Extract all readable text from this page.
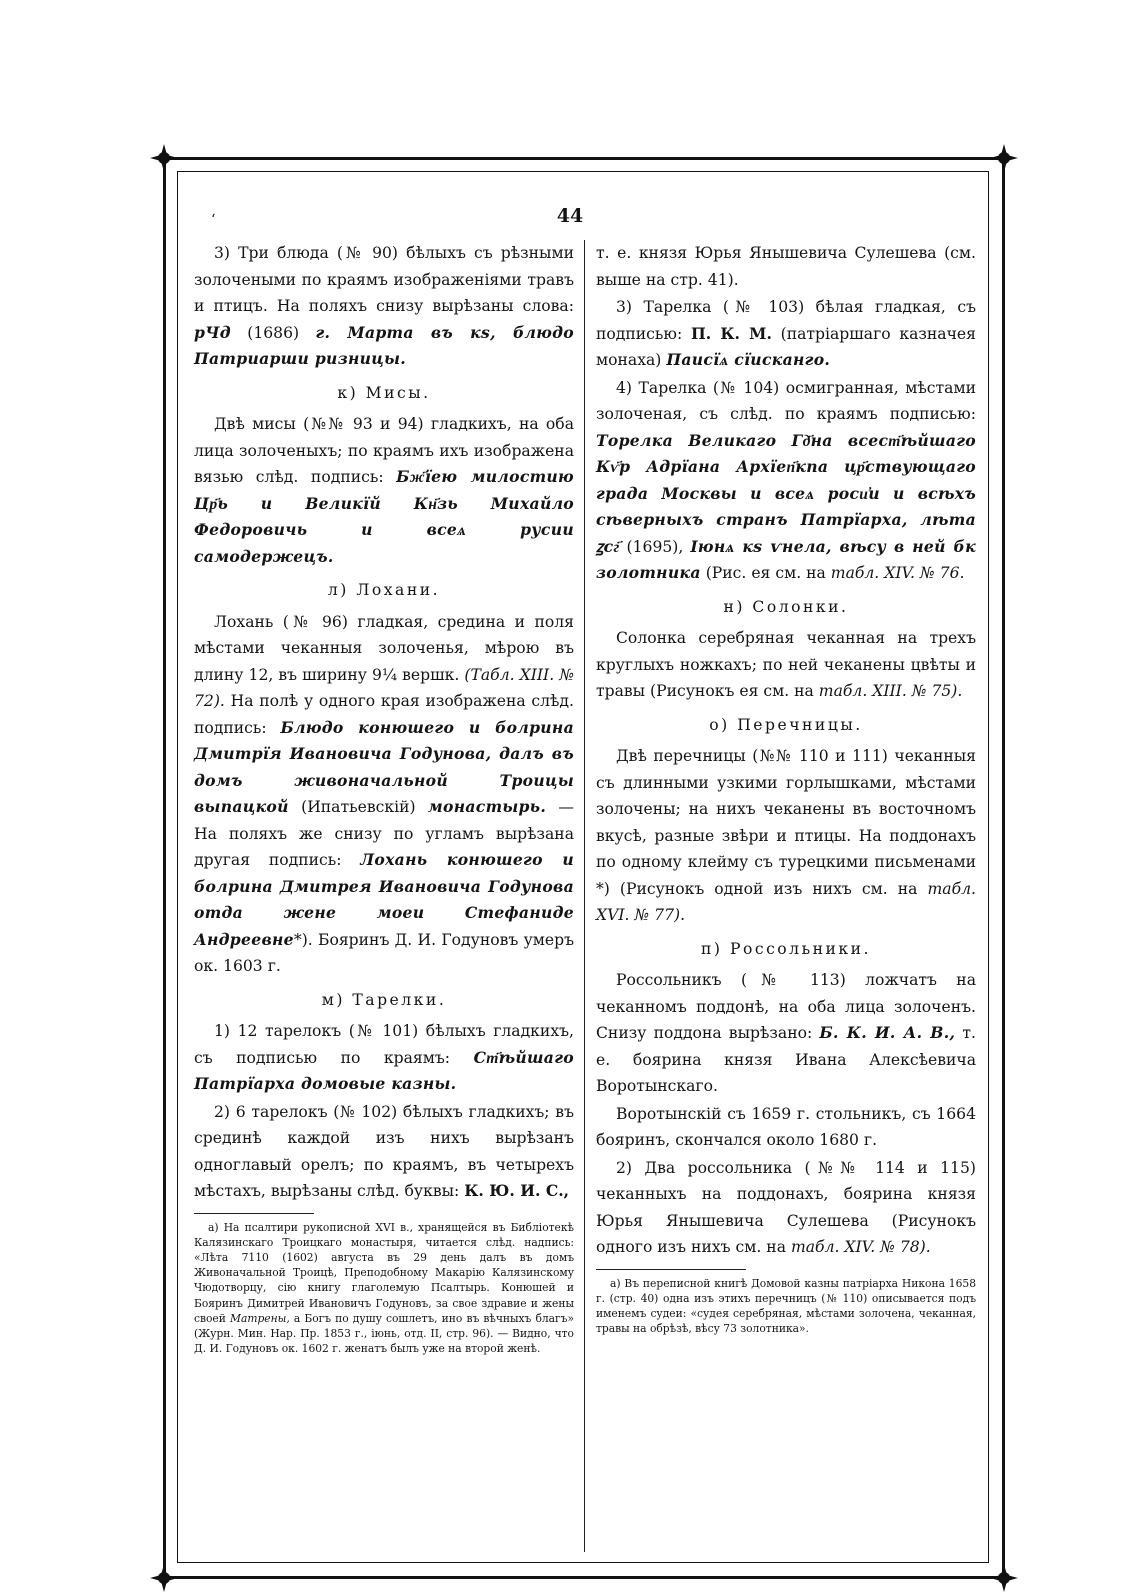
‘	44

3) Три блюда (№ 90) бѣлыхъ съ рѣзными золочеными по краямъ изображеніями травъ и птицъ. На поляхъ снизу вырѣзаны слова: рЧд (1686) г. Марта въ кѕ, блюдо Патриарши ризницы.

к) Мисы.

Двѣ мисы (№№ 93 и 94) гладкихъ, на оба лица золоченыхъ; по краямъ ихъ изображена вязью слѣд. подпись: Бж҃їею милостию Цр҃ь и Великїй Кн҃зь Михайло Федоровичь и всеѧ русии самодержецъ.

л) Лохани.

Лохань (№ 96) гладкая, средина и поля мѣстами чеканныя золоченья, мѣрою въ длину 12, въ ширину 9¼ вершк. (Табл. XIII. № 72). На полѣ у одного края изображена слѣд. подпись: Блюдо конюшего и болрина Дмитрїя Ивановича Годунова, далъ въ домъ живоначальной Троицы выпацкой (Ипатьевскій) монастырь. — На поляхъ же снизу по угламъ вырѣзана другая подпись: Лохань конюшего и болрина Дмитрея Ивановича Годунова отда жене моеи Стефаниде Андреевне*). Бояринъ Д. И. Годуновъ умеръ ок. 1603 г.

м) Тарелки.

1) 12 тарелокъ (№ 101) бѣлыхъ гладкихъ, съ подписью по краямъ: Ст҃ѣйшаго Патрїарха домовые казны.

2) 6 тарелокъ (№ 102) бѣлыхъ гладкихъ; въ срединѣ каждой изъ нихъ вырѣзанъ одноглавый орелъ; по краямъ, въ четырехъ мѣстахъ, вырѣзаны слѣд. буквы: К. Ю. И. С.,

а) На псалтири рукописной XVI в., хранящейся въ Библіотекѣ Калязинскаго Троицкаго монастыря, читается слѣд. надпись: «Лѣта 7110 (1602) августа въ 29 день далъ въ домъ Живоначальной Троицѣ, Преподобному Макарію Калязинскому Чюдотворцу, сію книгу глаголемую Псалтырь. Конюшей и Бояринъ Димитрей Ивановичъ Годуновъ, за свое здравие и жены своей Матрены, а Богъ по душу сошлетъ, ино въ вѣчныхъ благъ» (Журн. Мин. Нар. Пр. 1853 г., іюнь, отд. II, стр. 96). — Видно, что Д. И. Годуновъ ок. 1602 г. женатъ былъ уже на второй женѣ.

т. е. князя Юрья Янышевича Сулешева (см. выше на стр. 41).

3) Тарелка (№ 103) бѣлая гладкая, съ подписью: П. К. М. (патріаршаго казначея монаха) Паисїѧ сїисканго.

4) Тарелка (№ 104) осмигранная, мѣстами золоченая, съ слѣд. по краямъ подписью: Торелка Великаго Гд҃на всест҃ѣйшаго Кѵ҃р Адрїана Архїеп҃кпа цр҃ствующаго града Москвы и всеѧ роси҆и и всѣхъ сѣверныхъ странъ Патрїарха, лѣта ꙁсг҃ (1695), Іюнѧ кѕ ѵнела, вѣсу в ней бк золотника (Рис. ея см. на табл. XIV. № 76.

н) Солонки.

Солонка серебряная чеканная на трехъ круглыхъ ножкахъ; по ней чеканены цвѣты и травы (Рисунокъ ея см. на табл. XIII. № 75).

о) Перечницы.

Двѣ перечницы (№№ 110 и 111) чеканныя съ длинными узкими горлышками, мѣстами золочены; на нихъ чеканены въ восточномъ вкусѣ, разные звѣри и птицы. На поддонахъ по одному клейму съ турецкими письменами *) (Рисунокъ одной изъ нихъ см. на табл. XVI. № 77).

п) Россольники.

Россольникъ (№ 113) ложчатъ на чеканномъ поддонѣ, на оба лица золоченъ. Снизу поддона вырѣзано: Б. К. И. А. В., т. е. боярина князя Ивана Алексѣевича Воротынскаго.

Воротынскій съ 1659 г. стольникъ, съ 1664 бояринъ, скончался около 1680 г.

2) Два россольника (№№ 114 и 115) чеканныхъ на поддонахъ, боярина князя Юрья Янышевича Сулешева (Рисунокъ одного изъ нихъ см. на табл. XIV. № 78).

а) Въ переписной книгѣ Домовой казны патріарха Никона 1658 г. (стр. 40) одна изъ этихъ перечницъ (№ 110) описывается подъ именемъ судеи: «судея серебряная, мѣстами золочена, чеканная, травы на обрѣзѣ, вѣсу 73 золотника».
